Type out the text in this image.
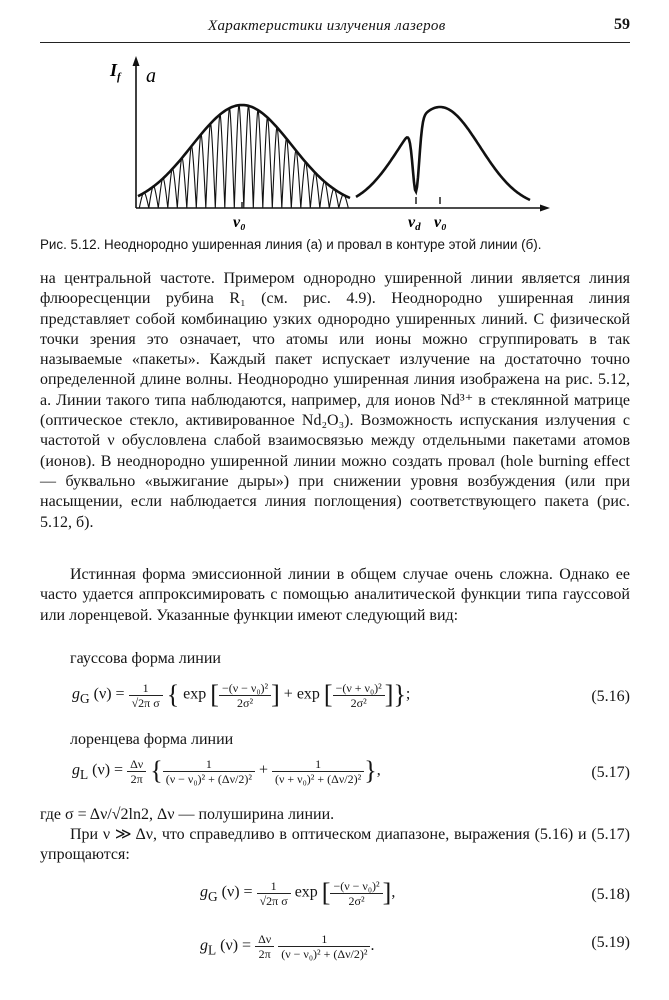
Характеристики излучения лазеров	59
$I_f$ a
ν₀	νd ν₀
Рис. 5.12. Неоднородно уширенная линия (а) и провал в контуре этой линии (б).

на центральной частоте. Примером однородно уширенной линии является линия флюоресценции рубина R₁ (см. рис. 4.9). Неоднородно уширенная линия представляет собой комбинацию узких однородно уширенных линий. С физической точки зрения это означает, что атомы или ионы можно сгруппировать в так называемые «пакеты». Каждый пакет испускает излучение на достаточно точно определенной длине волны. Неоднородно уширенная линия изображена на рис. 5.12, а. Линии такого типа наблюдаются, например, для ионов Nd³⁺ в стеклянной матрице (оптическое стекло, активированное Nd₂O₃). Возможность испускания излучения с частотой ν обусловлена слабой взаимосвязью между отдельными пакетами атомов (ионов). В неоднородно уширенной линии можно создать провал (hole burning effect — буквально «выжигание дыры») при снижении уровня возбуждения (или при насыщении, если наблюдается линия поглощения) соответствующего пакета (рис. 5.12, б).

Истинная форма эмиссионной линии в общем случае очень сложна. Однако ее часто удается аппроксимировать с помощью аналитической функции типа гауссовой или лоренцевой. Указанные функции имеют следующий вид:

гауссова форма линии
$g_G$ $(\nu) = \frac{1}{\text{√2π σ}}$ { exp [ $\frac{\text{−(ν − ν₀)²}}{\text{2σ²}}$ ] + exp [ $\frac{\text{−(ν + ν₀)²}}{\text{2σ²}}$ ]};	(5.16)
лоренцева форма линии
$g_L$ $(\nu) = \frac{\Delta\nu}{2\pi}$ { $\frac{1}{\text{(ν − ν₀)² + (Δν/2)²}} + \frac{1}{\text{(ν + ν₀)² + (Δν/2)²}}$ },	(5.17)

где σ = Δν/√2ln2, Δν — полуширина линии.

При ν ≫ Δν, что справедливо в оптическом диапазоне, выражения (5.16) и (5.17) упрощаются:

$g_G$ $(\nu) = \frac{1}{\text{√2π σ}}$ exp [ $\frac{\text{−(ν − ν₀)²}}{\text{2σ²}}$ ],	(5.18)
$g_L$ $(\nu) = \frac{\Delta\nu}{2\pi}$
$\frac{1}{\text{(ν − ν₀)² + (Δν/2)²}}$ .	(5.19)
